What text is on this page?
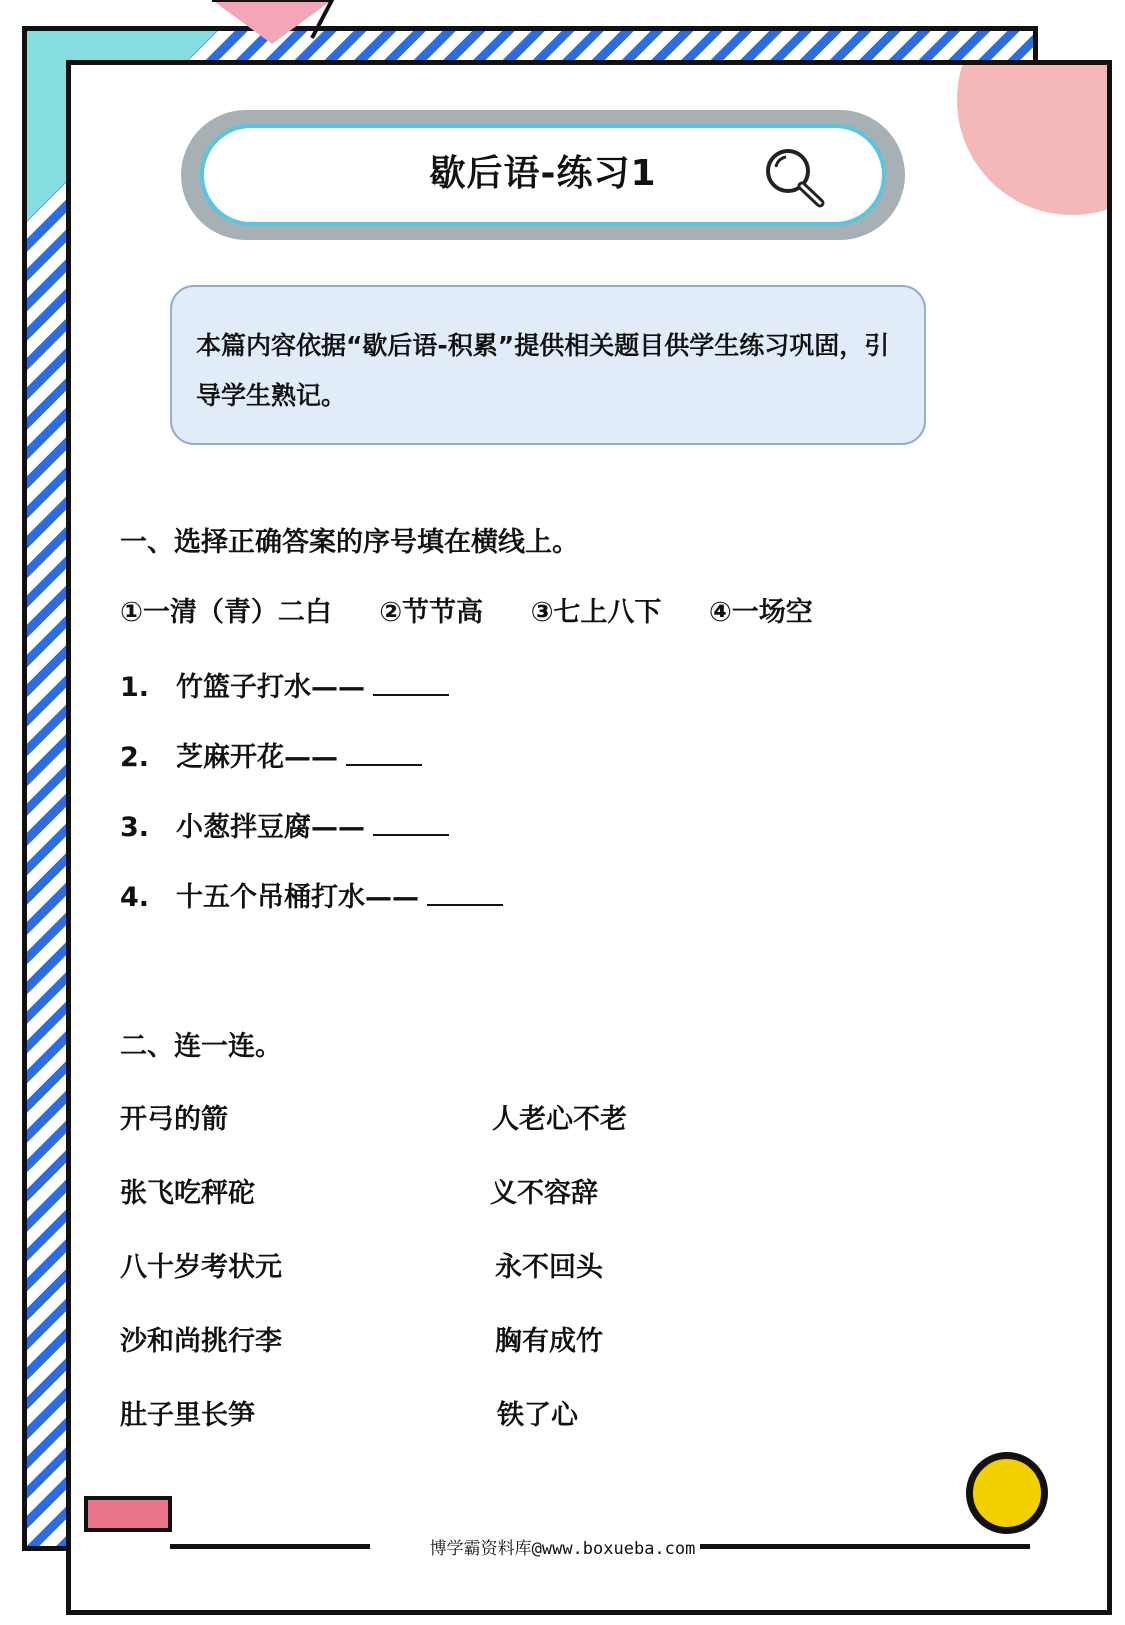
歇后语-练习1
本篇内容依据“歇后语-积累”提供相关题目供学生练习巩固，引导学生熟记。
一、选择正确答案的序号填在横线上。
①一清（青）二白 ②节节高 ③七上八下 ④一场空
1. 竹篮子打水——
2. 芝麻开花——
3. 小葱拌豆腐——
4. 十五个吊桶打水——
二、连一连。
开弓的箭	人老心不老
张飞吃秤砣	义不容辞
八十岁考状元	永不回头
沙和尚挑行李	胸有成竹
肚子里长笋	铁了心
博学霸资料库@www.boxueba.com
